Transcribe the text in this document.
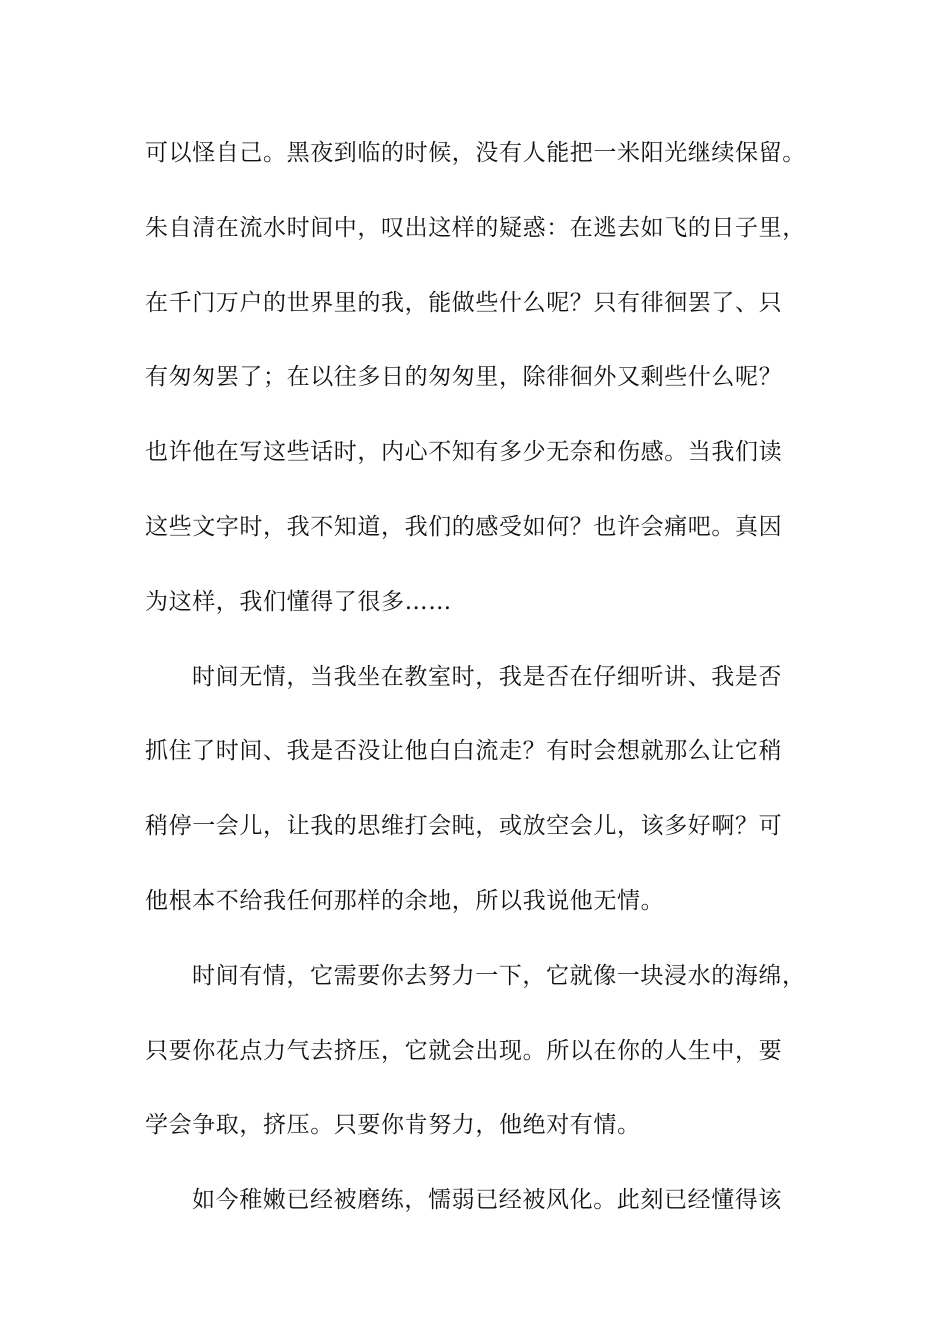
可以怪自己。黑夜到临的时候，没有人能把一米阳光继续保留。
朱自清在流水时间中，叹出这样的疑惑：在逃去如飞的日子里，
在千门万户的世界里的我，能做些什么呢？只有徘徊罢了、只
有匆匆罢了；在以往多日的匆匆里，除徘徊外又剩些什么呢？
也许他在写这些话时，内心不知有多少无奈和伤感。当我们读
这些文字时，我不知道，我们的感受如何？也许会痛吧。真因
为这样，我们懂得了很多……
时间无情，当我坐在教室时，我是否在仔细听讲、我是否
抓住了时间、我是否没让他白白流走？有时会想就那么让它稍
稍停一会儿，让我的思维打会盹，或放空会儿，该多好啊？可
他根本不给我任何那样的余地，所以我说他无情。
时间有情，它需要你去努力一下，它就像一块浸水的海绵，
只要你花点力气去挤压，它就会出现。所以在你的人生中，要
学会争取，挤压。只要你肯努力，他绝对有情。
如今稚嫩已经被磨练，懦弱已经被风化。此刻已经懂得该
